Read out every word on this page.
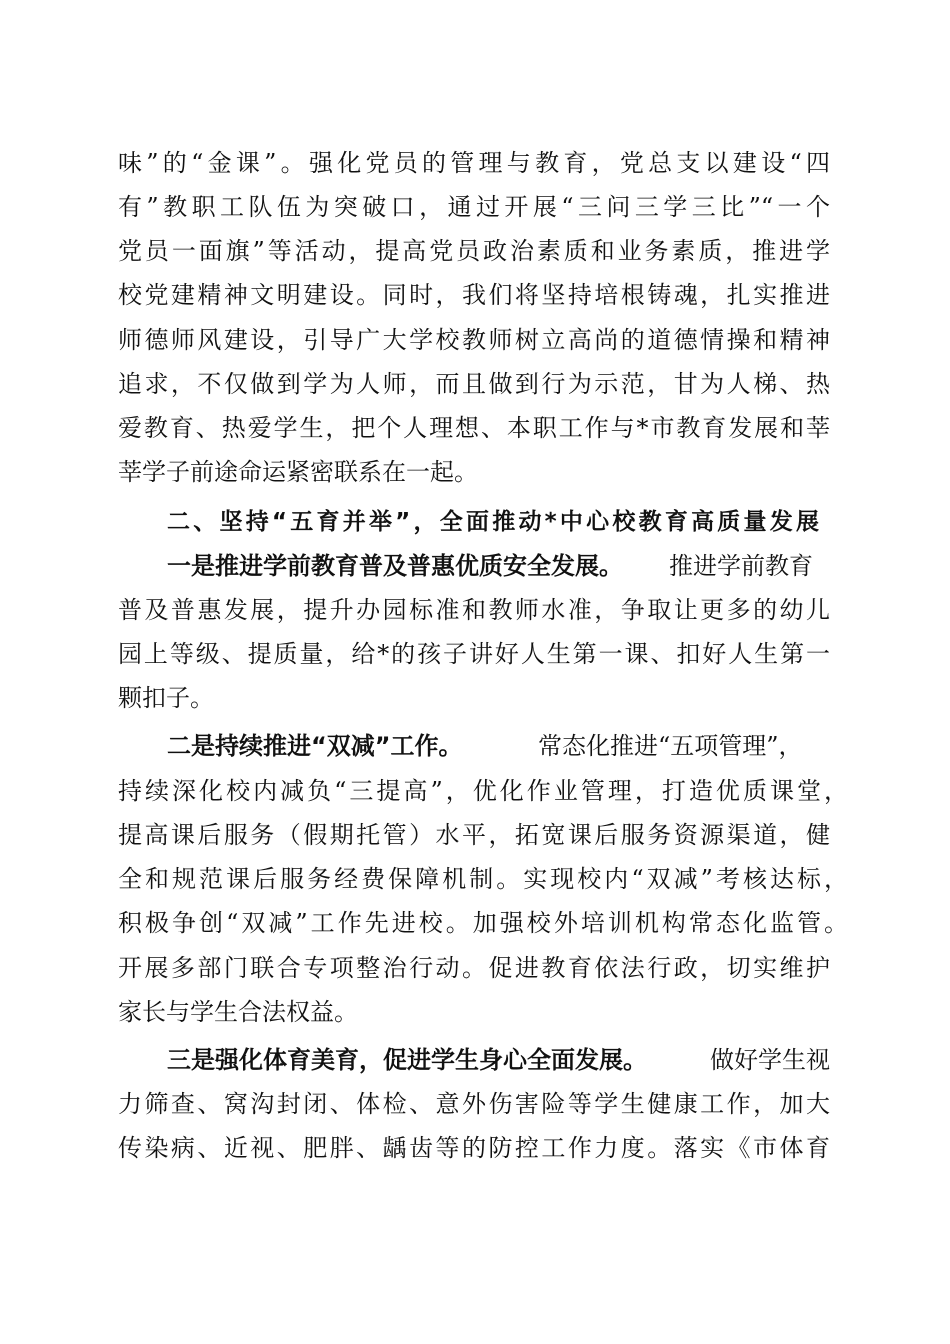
味”的“金课”。强化党员的管理与教育，党总支以建设“四
有”教职工队伍为突破口，通过开展“三问三学三比”“一个
党员一面旗”等活动，提高党员政治素质和业务素质，推进学
校党建精神文明建设。同时，我们将坚持培根铸魂，扎实推进
师德师风建设，引导广大学校教师树立高尚的道德情操和精神
追求，不仅做到学为人师，而且做到行为示范，甘为人梯、热
爱教育、热爱学生，把个人理想、本职工作与*市教育发展和莘
莘学子前途命运紧密联系在一起。
二、坚持“五育并举”，全面推动*中心校教育高质量发展
一是推进学前教育普及普惠优质安全发展。 推进学前教育
普及普惠发展，提升办园标准和教师水准，争取让更多的幼儿
园上等级、提质量，给*的孩子讲好人生第一课、扣好人生第一
颗扣子。
二是持续推进“双减”工作。	常态化推进“五项管理”，
持续深化校内减负“三提高”，优化作业管理，打造优质课堂，
提高课后服务（假期托管）水平，拓宽课后服务资源渠道，健
全和规范课后服务经费保障机制。实现校内“双减”考核达标，
积极争创“双减”工作先进校。加强校外培训机构常态化监管。
开展多部门联合专项整治行动。促进教育依法行政，切实维护
家长与学生合法权益。
三是强化体育美育，促进学生身心全面发展。	做好学生视
力筛查、窝沟封闭、体检、意外伤害险等学生健康工作，加大
传染病、近视、肥胖、龋齿等的防控工作力度。落实《市体育
